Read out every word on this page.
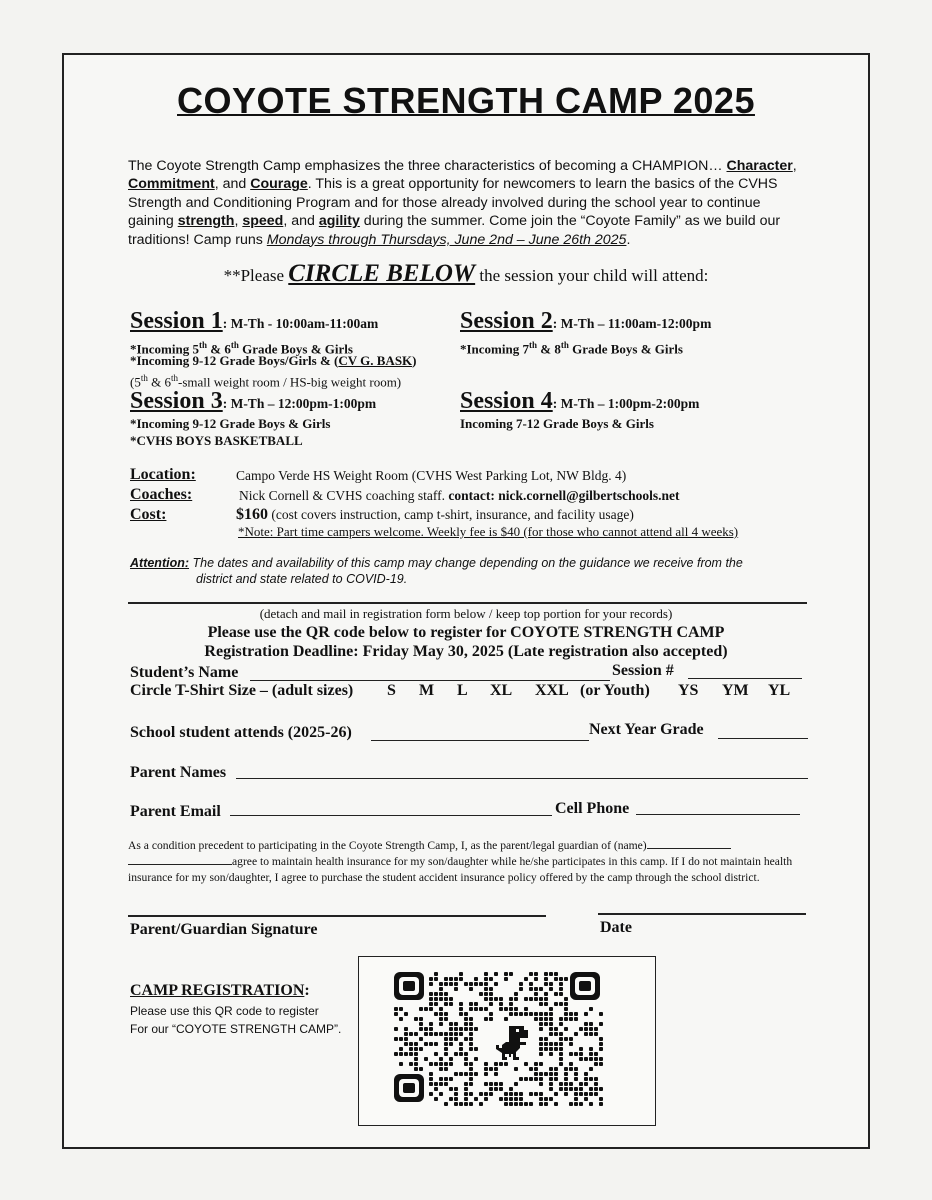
COYOTE STRENGTH CAMP 2025
The Coyote Strength Camp emphasizes the three characteristics of becoming a CHAMPION… Character, Commitment, and Courage. This is a great opportunity for newcomers to learn the basics of the CVHS Strength and Conditioning Program and for those already involved during the school year to continue gaining strength, speed, and agility during the summer. Come join the “Coyote Family” as we build our traditions! Camp runs Mondays through Thursdays, June 2nd – June 26th 2025.
**Please CIRCLE BELOW the session your child will attend:
Session 1: M-Th - 10:00am-11:00am
*Incoming 5th & 6th Grade Boys & Girls
*Incoming 9-12 Grade Boys/Girls & (CV G. BASK)
(5th & 6th-small weight room / HS-big weight room)
Session 2: M-Th – 11:00am-12:00pm
*Incoming 7th & 8th Grade Boys & Girls
Session 3: M-Th – 12:00pm-1:00pm
*Incoming 9-12 Grade Boys & Girls
*CVHS BOYS BASKETBALL
Session 4: M-Th – 1:00pm-2:00pm
Incoming 7-12 Grade Boys & Girls
Location:	Campo Verde HS Weight Room (CVHS West Parking Lot, NW Bldg. 4)
Coaches:	Nick Cornell & CVHS coaching staff. contact: nick.cornell@gilbertschools.net
Cost:	$160 (cost covers instruction, camp t-shirt, insurance, and facility usage)
*Note: Part time campers welcome. Weekly fee is $40 (for those who cannot attend all 4 weeks)
Attention: The dates and availability of this camp may change depending on the guidance we receive from the
district and state related to COVID-19.
(detach and mail in registration form below / keep top portion for your records)
Please use the QR code below to register for COYOTE STRENGTH CAMP
Registration Deadline: Friday May 30, 2025 (Late registration also accepted)
Student’s Name	Session #
Circle T-Shirt Size – (adult sizes) S M L XL XXL (or Youth) YS YM YL
School student attends (2025-26)	Next Year Grade
Parent Names
Parent Email	Cell Phone
As a condition precedent to participating in the Coyote Strength Camp, I, as the parent/legal guardian of (name)
agree to maintain health insurance for my son/daughter while he/she participates in this camp. If I do not maintain health insurance for my son/daughter, I agree to purchase the student accident insurance policy offered by the camp through the school district.
Parent/Guardian Signature	Date
CAMP REGISTRATION:
Please use this QR code to register
For our “COYOTE STRENGTH CAMP”.
